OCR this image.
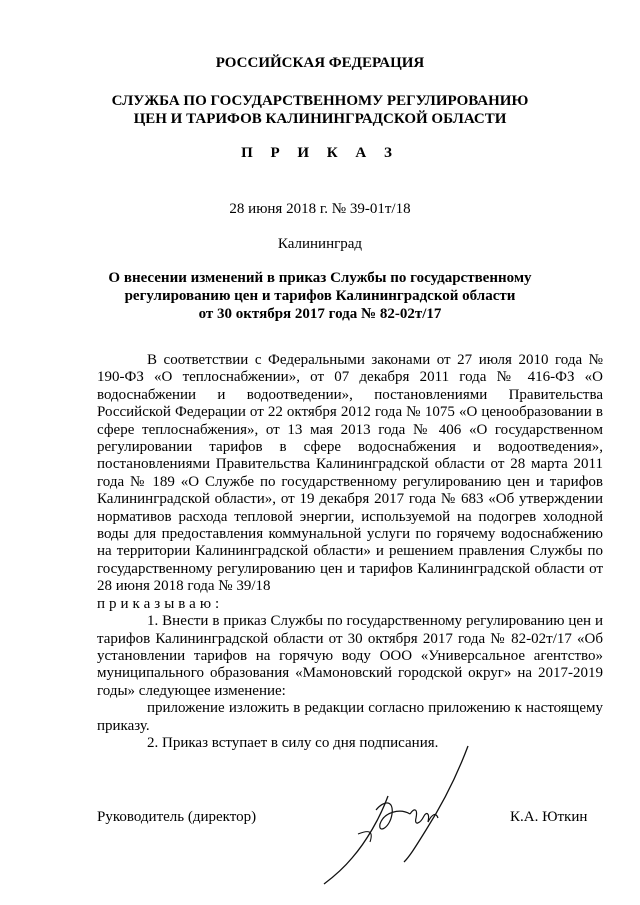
РОССИЙСКАЯ ФЕДЕРАЦИЯ
СЛУЖБА ПО ГОСУДАРСТВЕННОМУ РЕГУЛИРОВАНИЮ
ЦЕН И ТАРИФОВ КАЛИНИНГРАДСКОЙ ОБЛАСТИ
П Р И К А З
28 июня 2018 г. № 39-01т/18
Калининград
О внесении изменений в приказ Службы по государственному
регулированию цен и тарифов Калининградской области
от 30 октября 2017 года № 82-02т/17

В соответствии с Федеральными законами от 27 июля 2010 года № 190-ФЗ «О теплоснабжении», от 07 декабря 2011 года № 416-ФЗ «О водоснабжении и водоотведении», постановлениями Правительства Российской Федерации от 22 октября 2012 года № 1075 «О ценообразовании в сфере теплоснабжения», от 13 мая 2013 года № 406 «О государственном регулировании тарифов в сфере водоснабжения и водоотведения», постановлениями Правительства Калининградской области от 28 марта 2011 года № 189 «О Службе по государственному регулированию цен и тарифов Калининградской области», от 19 декабря 2017 года № 683 «Об утверждении нормативов расхода тепловой энергии, используемой на подогрев холодной воды для предоставления коммунальной услуги по горячему водоснабжению на территории Калининградской области» и решением правления Службы по государственному регулированию цен и тарифов Калининградской области от 28 июня 2018 года № 39/18

приказываю:

1. Внести в приказ Службы по государственному регулированию цен и тарифов Калининградской области от 30 октября 2017 года № 82-02т/17 «Об установлении тарифов на горячую воду ООО «Универсальное агентство» муниципального образования «Мамоновский городской округ» на 2017-2019 годы» следующее изменение:

приложение изложить в редакции согласно приложению к настоящему приказу.

2. Приказ вступает в силу со дня подписания.

Руководитель (директор)	К.А. Юткин
